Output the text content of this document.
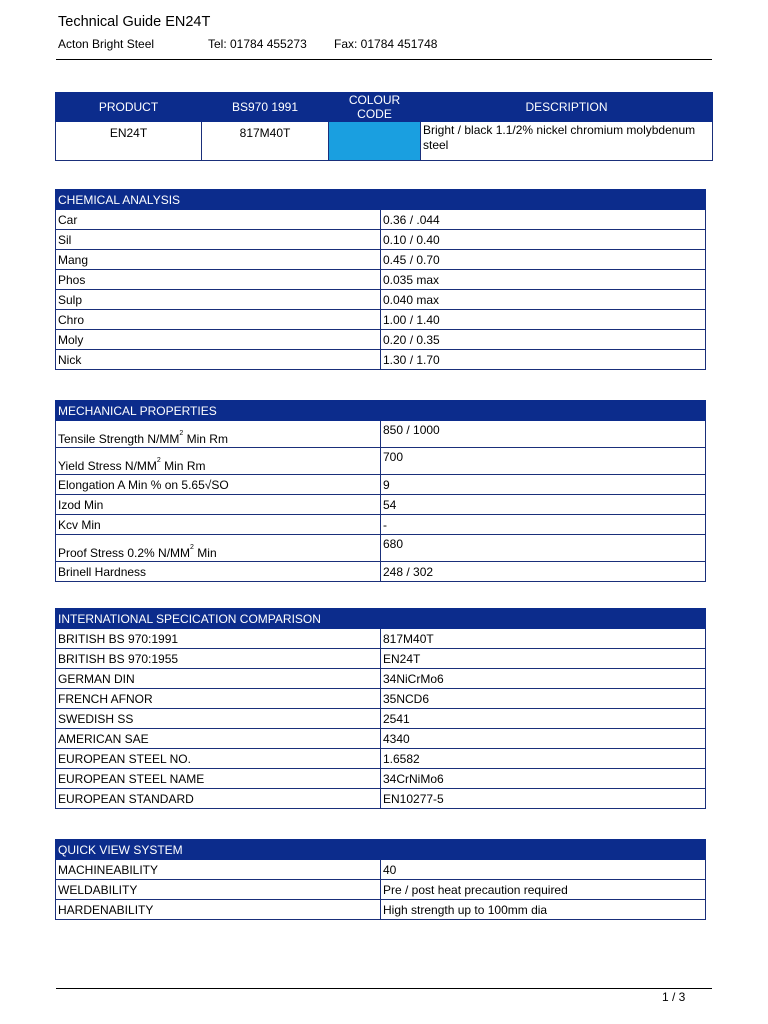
Technical Guide EN24T
Acton Bright Steel	Tel: 01784 455273 Fax: 01784 451748
PRODUCT	BS970 1991	COLOUR CODE	DESCRIPTION
EN24T	817M40T		Bright / black 1.1/2% nickel chromium molybdenum steel
CHEMICAL ANALYSIS	
Car	0.36 / .044
Sil	0.10 / 0.40
Mang	0.45 / 0.70
Phos	0.035 max
Sulp	0.040 max
Chro	1.00 / 1.40
Moly	0.20 / 0.35
Nick	1.30 / 1.70
MECHANICAL PROPERTIES	
Tensile Strength $N/MM^2$ Min Rm	850 / 1000
Yield Stress $N/MM^2$ Min Rm	700
Elongation A Min % on 5.65√SO	9
Izod Min	54
Kcv Min	-
Proof Stress 0.2% $N/MM^2$ Min	680
Brinell Hardness	248 / 302
INTERNATIONAL SPECICATION COMPARISON	
BRITISH BS 970:1991	817M40T
BRITISH BS 970:1955	EN24T
GERMAN DIN	34NiCrMo6
FRENCH AFNOR	35NCD6
SWEDISH SS	2541
AMERICAN SAE	4340
EUROPEAN STEEL NO.	1.6582
EUROPEAN STEEL NAME	34CrNiMo6
EUROPEAN STANDARD	EN10277-5
QUICK VIEW SYSTEM	
MACHINEABILITY	40
WELDABILITY	Pre / post heat precaution required
HARDENABILITY	High strength up to 100mm dia
1 / 3
